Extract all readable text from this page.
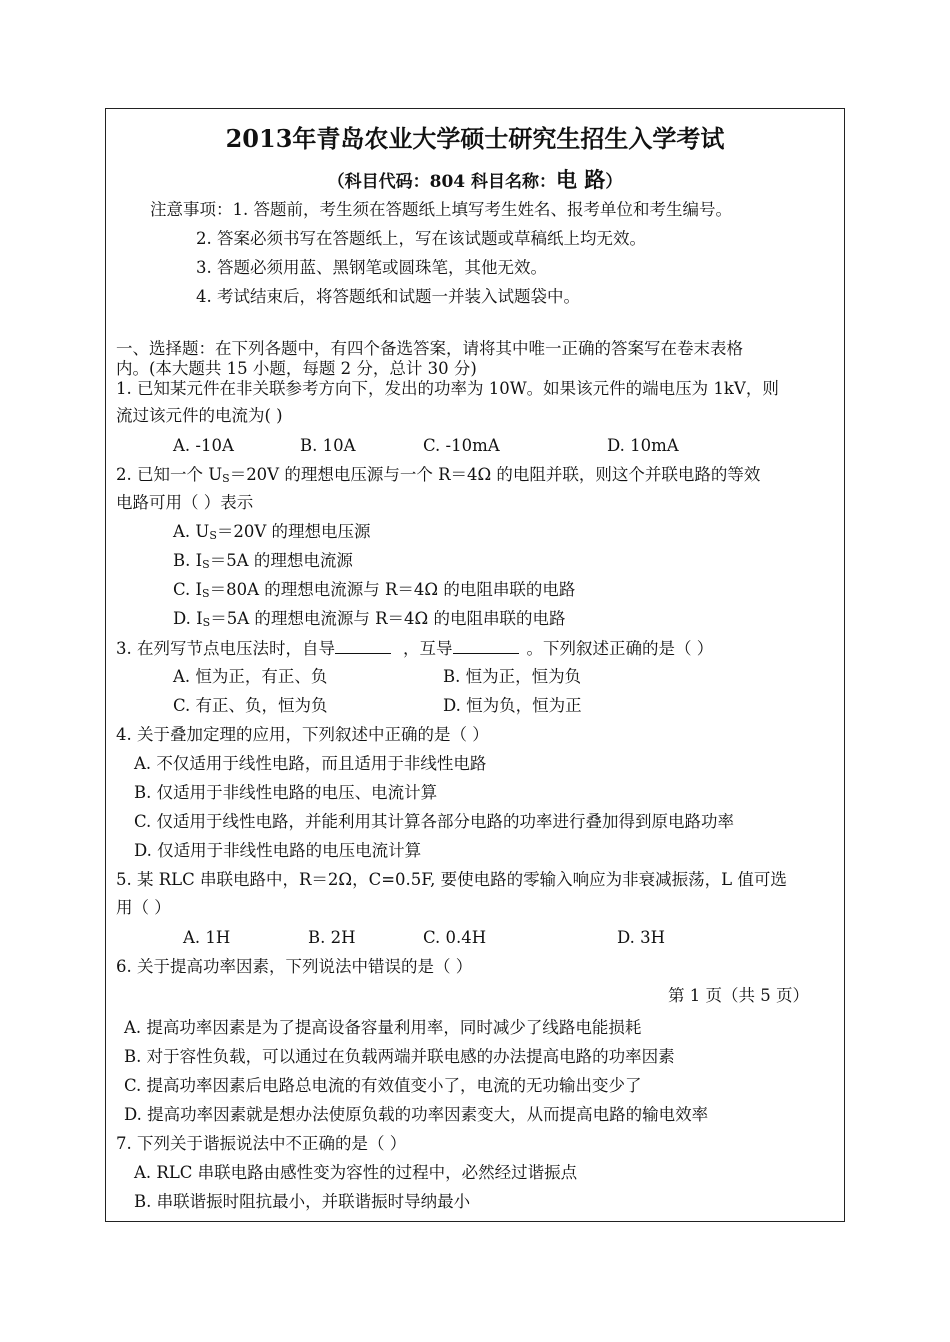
2013年青岛农业大学硕士研究生招生入学考试
（科目代码：804 科目名称：电 路）
注意事项：1. 答题前，考生须在答题纸上填写考生姓名、报考单位和考生编号。
2. 答案必须书写在答题纸上，写在该试题或草稿纸上均无效。
3. 答题必须用蓝、黑钢笔或圆珠笔，其他无效。
4. 考试结束后，将答题纸和试题一并装入试题袋中。
一、选择题：在下列各题中，有四个备选答案，请将其中唯一正确的答案写在卷末表格
内。(本大题共 15 小题，每题 2 分，总计 30 分)
1. 已知某元件在非关联参考方向下，发出的功率为 10W。如果该元件的端电压为 1kV，则
流过该元件的电流为( )
A. -10A	B. 10A	C. -10mA	D. 10mA
2. 已知一个 US＝20V 的理想电压源与一个 R＝4Ω 的电阻并联，则这个并联电路的等效
电路可用（ ）表示
A. US＝20V 的理想电压源
B. IS＝5A 的理想电流源
C. IS＝80A 的理想电流源与 R＝4Ω 的电阻串联的电路
D. IS＝5A 的理想电流源与 R＝4Ω 的电阻串联的电路
3. 在列写节点电压法时，自导	，互导	。下列叙述正确的是（ ）
A. 恒为正，有正、负	B. 恒为正，恒为负
C. 有正、负，恒为负	D. 恒为负，恒为正
4. 关于叠加定理的应用，下列叙述中正确的是（ ）
A. 不仅适用于线性电路，而且适用于非线性电路
B. 仅适用于非线性电路的电压、电流计算
C. 仅适用于线性电路，并能利用其计算各部分电路的功率进行叠加得到原电路功率
D. 仅适用于非线性电路的电压电流计算
5. 某 RLC 串联电路中，R＝2Ω，C=0.5F, 要使电路的零输入响应为非衰减振荡，L 值可选
用（ ）
A. 1H	B. 2H	C. 0.4H	D. 3H
6. 关于提高功率因素，下列说法中错误的是（ ）
第 1 页（共 5 页）
A. 提高功率因素是为了提高设备容量利用率，同时减少了线路电能损耗
B. 对于容性负载，可以通过在负载两端并联电感的办法提高电路的功率因素
C. 提高功率因素后电路总电流的有效值变小了，电流的无功输出变少了
D. 提高功率因素就是想办法使原负载的功率因素变大，从而提高电路的输电效率
7. 下列关于谐振说法中不正确的是（ ）
A. RLC 串联电路由感性变为容性的过程中，必然经过谐振点
B. 串联谐振时阻抗最小，并联谐振时导纳最小
